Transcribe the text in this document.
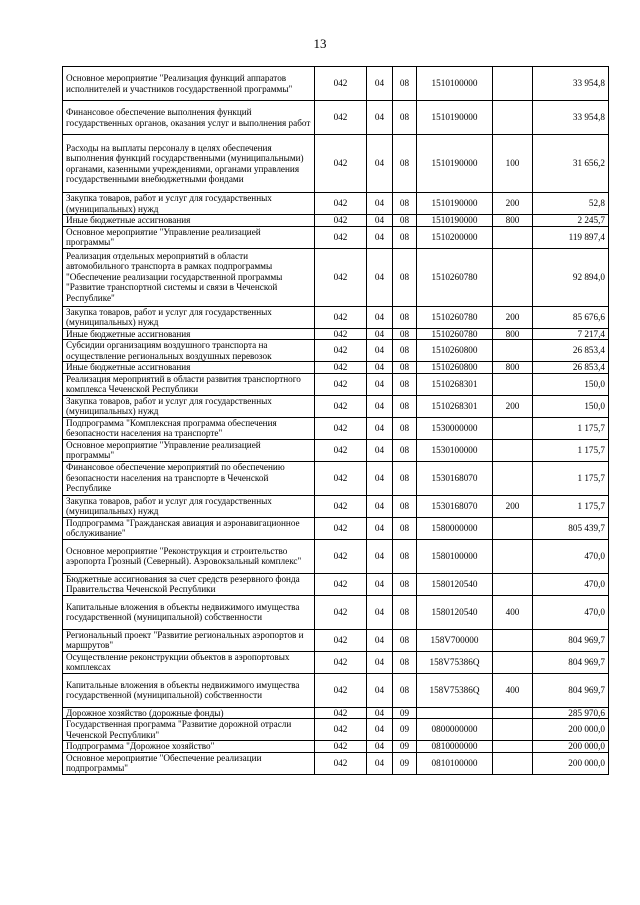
13
Основное мероприятие "Реализация функций аппаратов исполнителей и участников государственной программы"	042	04	08	1510100000		33 954,8
Финансовое обеспечение выполнения функций государственных органов, оказания услуг и выполнения работ	042	04	08	1510190000		33 954,8
Расходы на выплаты персоналу в целях обеспечения выполнения функций государственными (муниципальными) органами, казенными учреждениями, органами управления государственными внебюджетными фондами	042	04	08	1510190000	100	31 656,2
Закупка товаров, работ и услуг для государственных (муниципальных) нужд	042	04	08	1510190000	200	52,8
Иные бюджетные ассигнования	042	04	08	1510190000	800	2 245,7
Основное мероприятие "Управление реализацией программы"	042	04	08	1510200000		119 897,4
Реализация отдельных мероприятий в области автомобильного транспорта в рамках подпрограммы "Обеспечение реализации государственной программы "Развитие транспортной системы и связи в Чеченской Республике"	042	04	08	1510260780		92 894,0
Закупка товаров, работ и услуг для государственных (муниципальных) нужд	042	04	08	1510260780	200	85 676,6
Иные бюджетные ассигнования	042	04	08	1510260780	800	7 217,4
Субсидии организациям воздушного транспорта на осуществление региональных воздушных перевозок	042	04	08	1510260800		26 853,4
Иные бюджетные ассигнования	042	04	08	1510260800	800	26 853,4
Реализация мероприятий в области развития транспортного комплекса Чеченской Республики	042	04	08	1510268301		150,0
Закупка товаров, работ и услуг для государственных (муниципальных) нужд	042	04	08	1510268301	200	150,0
Подпрограмма "Комплексная программа обеспечения безопасности населения на транспорте"	042	04	08	1530000000		1 175,7
Основное мероприятие "Управление реализацией программы"	042	04	08	1530100000		1 175,7
Финансовое обеспечение мероприятий по обеспечению безопасности населения на транспорте в Чеченской Республике	042	04	08	1530168070		1 175,7
Закупка товаров, работ и услуг для государственных (муниципальных) нужд	042	04	08	1530168070	200	1 175,7
Подпрограмма "Гражданская авиация и аэронавигационное обслуживание"	042	04	08	1580000000		805 439,7
Основное мероприятие "Реконструкция и строительство аэропорта Грозный (Северный). Аэровокзальный комплекс"	042	04	08	1580100000		470,0
Бюджетные ассигнования за счет средств резервного фонда Правительства Чеченской Республики	042	04	08	1580120540		470,0
Капитальные вложения в объекты недвижимого имущества государственной (муниципальной) собственности	042	04	08	1580120540	400	470,0
Региональный проект "Развитие региональных аэропортов и маршрутов"	042	04	08	158V700000		804 969,7
Осуществление реконструкции объектов в аэропортовых комплексах	042	04	08	158V75386Q		804 969,7
Капитальные вложения в объекты недвижимого имущества государственной (муниципальной) собственности	042	04	08	158V75386Q	400	804 969,7
Дорожное хозяйство (дорожные фонды)	042	04	09			285 970,6
Государственная программа "Развитие дорожной отрасли Чеченской Республики"	042	04	09	0800000000		200 000,0
Подпрограмма "Дорожное хозяйство"	042	04	09	0810000000		200 000,0
Основное мероприятие "Обеспечение реализации подпрограммы"	042	04	09	0810100000		200 000,0
